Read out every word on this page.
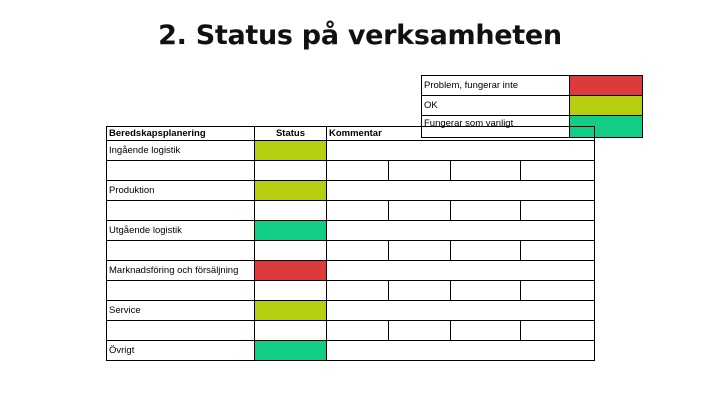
2. Status på verksamheten
Problem, fungerar inte	
OK	
Fungerar som vanligt	
Beredskapsplanering	Status	Kommentar			
Ingående logistik					

Produktion					

Utgående logistik					

Marknadsföring och försäljning					

Service					

Övrigt					
